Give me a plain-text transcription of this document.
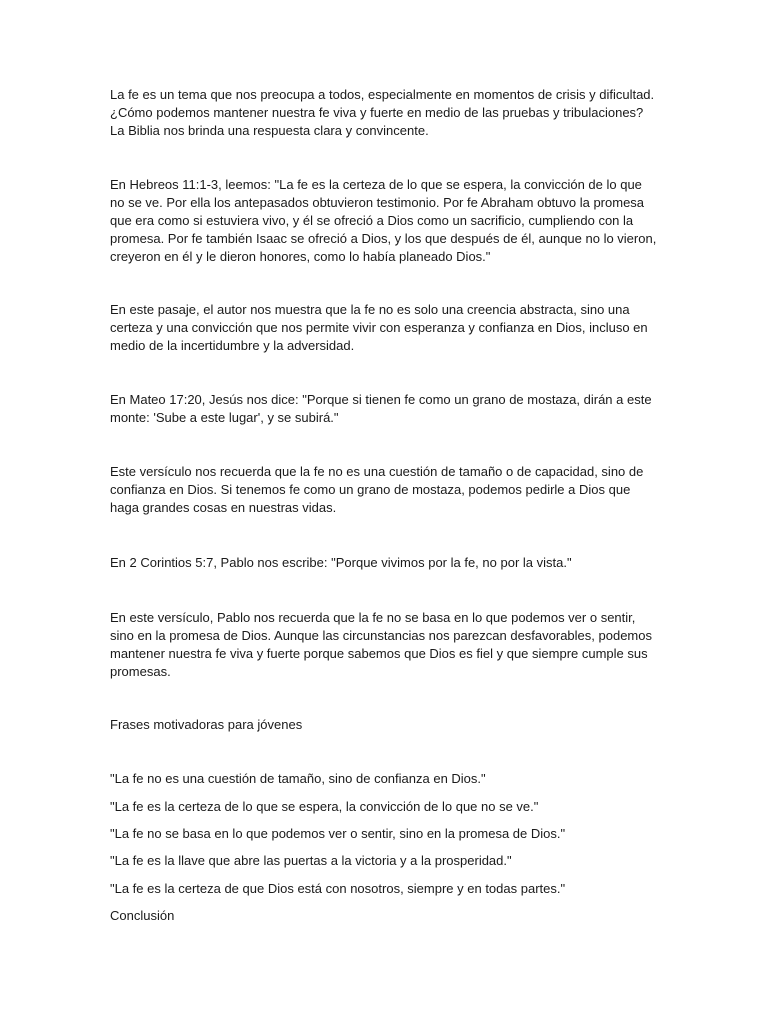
La fe es un tema que nos preocupa a todos, especialmente en momentos de crisis y dificultad. ¿Cómo podemos mantener nuestra fe viva y fuerte en medio de las pruebas y tribulaciones? La Biblia nos brinda una respuesta clara y convincente.

En Hebreos 11:1-3, leemos: "La fe es la certeza de lo que se espera, la convicción de lo que no se ve. Por ella los antepasados obtuvieron testimonio. Por fe Abraham obtuvo la promesa que era como si estuviera vivo, y él se ofreció a Dios como un sacrificio, cumpliendo con la promesa. Por fe también Isaac se ofreció a Dios, y los que después de él, aunque no lo vieron, creyeron en él y le dieron honores, como lo había planeado Dios."

En este pasaje, el autor nos muestra que la fe no es solo una creencia abstracta, sino una certeza y una convicción que nos permite vivir con esperanza y confianza en Dios, incluso en medio de la incertidumbre y la adversidad.

En Mateo 17:20, Jesús nos dice: "Porque si tienen fe como un grano de mostaza, dirán a este monte: 'Sube a este lugar', y se subirá."

Este versículo nos recuerda que la fe no es una cuestión de tamaño o de capacidad, sino de confianza en Dios. Si tenemos fe como un grano de mostaza, podemos pedirle a Dios que haga grandes cosas en nuestras vidas.

En 2 Corintios 5:7, Pablo nos escribe: "Porque vivimos por la fe, no por la vista."

En este versículo, Pablo nos recuerda que la fe no se basa en lo que podemos ver o sentir, sino en la promesa de Dios. Aunque las circunstancias nos parezcan desfavorables, podemos mantener nuestra fe viva y fuerte porque sabemos que Dios es fiel y que siempre cumple sus promesas.

Frases motivadoras para jóvenes

"La fe no es una cuestión de tamaño, sino de confianza en Dios."

"La fe es la certeza de lo que se espera, la convicción de lo que no se ve."

"La fe no se basa en lo que podemos ver o sentir, sino en la promesa de Dios."

"La fe es la llave que abre las puertas a la victoria y a la prosperidad."

"La fe es la certeza de que Dios está con nosotros, siempre y en todas partes."

Conclusión
